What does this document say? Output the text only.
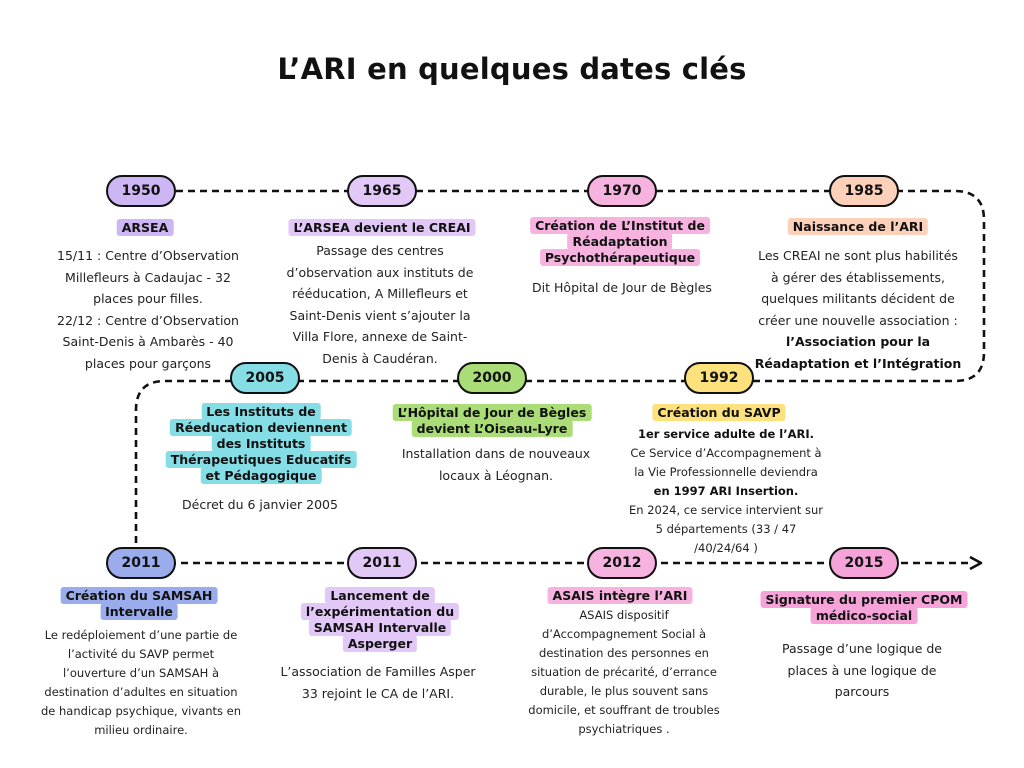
L’ARI en quelques dates clés
1950
ARSEA
15/11 : Centre d’Observation
Millefleurs à Cadaujac - 32
places pour filles.
22/12 : Centre d’Observation
Saint-Denis à Ambarès - 40
places pour garçons
1965
L’ARSEA devient le CREAI
Passage des centres
d’observation aux instituts de
rééducation, A Millefleurs et
Saint-Denis vient s’ajouter la
Villa Flore, annexe de Saint-
Denis à Caudéran.
1970
Création de L’Institut de
Réadaptation
Psychothérapeutique
Dit Hôpital de Jour de Bègles
1985
Naissance de l’ARI
Les CREAI ne sont plus habilités
à gérer des établissements,
quelques militants décident de
créer une nouvelle association :
l’Association pour la
Réadaptation et l’Intégration
2005
Les Instituts de
Réeducation deviennent
des Instituts
Thérapeutiques Educatifs
et Pédagogique
Décret du 6 janvier 2005
2000
L’Hôpital de Jour de Bègles
devient L’Oiseau-Lyre
Installation dans de nouveaux
locaux à Léognan.
1992
Création du SAVP
1er service adulte de l’ARI.
Ce Service d’Accompagnement à
la Vie Professionnelle deviendra
en 1997 ARI Insertion.
En 2024, ce service intervient sur
5 départements (33 / 47
/40/24/64 )
2011
Création du SAMSAH
Intervalle
Le redéploiement d’une partie de
l’activité du SAVP permet
l’ouverture d’un SAMSAH à
destination d’adultes en situation
de handicap psychique, vivants en
milieu ordinaire.
2011
Lancement de
l’expérimentation du
SAMSAH Intervalle
Asperger
L’association de Familles Asper
33 rejoint le CA de l’ARI.
2012
ASAIS intègre l’ARI
ASAIS dispositif
d’Accompagnement Social à
destination des personnes en
situation de précarité, d’errance
durable, le plus souvent sans
domicile, et souffrant de troubles
psychiatriques .
2015
Signature du premier CPOM
médico-social
Passage d’une logique de
places à une logique de
parcours
